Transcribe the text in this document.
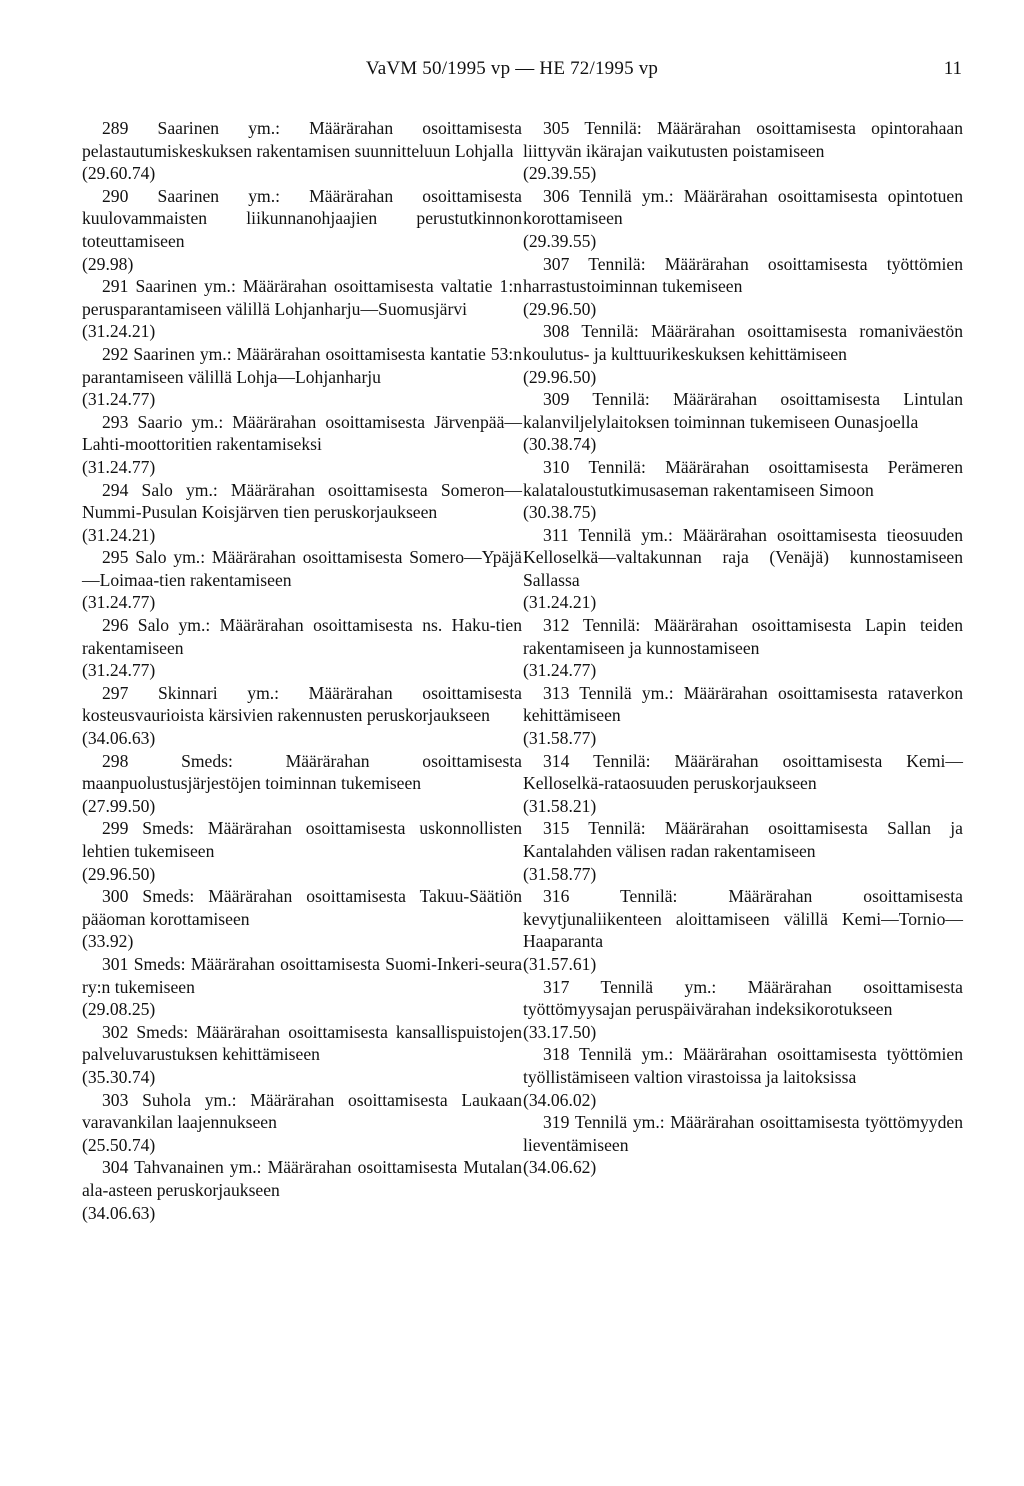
VaVM 50/1995 vp — HE 72/1995 vp	11

289 Saarinen ym.: Määrärahan osoittamisesta pelastautumiskeskuksen rakentamisen suunnitteluun Lohjalla

(29.60.74)

290 Saarinen ym.: Määrärahan osoittamisesta kuulovammaisten liikunnanohjaajien perustutkinnon toteuttamiseen

(29.98)

291 Saarinen ym.: Määrärahan osoittamisesta valtatie 1:n perusparantamiseen välillä Lohjanharju—Suomusjärvi

(31.24.21)

292 Saarinen ym.: Määrärahan osoittamisesta kantatie 53:n parantamiseen välillä Lohja—Lohjanharju

(31.24.77)

293 Saario ym.: Määrärahan osoittamisesta Järvenpää—Lahti-moottoritien rakentamiseksi

(31.24.77)

294 Salo ym.: Määrärahan osoittamisesta Someron—Nummi-Pusulan Koisjärven tien peruskorjaukseen

(31.24.21)

295 Salo ym.: Määrärahan osoittamisesta Somero—Ypäjä—Loimaa-tien rakentamiseen

(31.24.77)

296 Salo ym.: Määrärahan osoittamisesta ns. Haku-tien rakentamiseen

(31.24.77)

297 Skinnari ym.: Määrärahan osoittamisesta kosteusvaurioista kärsivien rakennusten peruskorjaukseen

(34.06.63)

298 Smeds: Määrärahan osoittamisesta maanpuolustusjärjestöjen toiminnan tukemiseen

(27.99.50)

299 Smeds: Määrärahan osoittamisesta uskonnollisten lehtien tukemiseen

(29.96.50)

300 Smeds: Määrärahan osoittamisesta Takuu-Säätiön pääoman korottamiseen

(33.92)

301 Smeds: Määrärahan osoittamisesta Suomi-Inkeri-seura ry:n tukemiseen

(29.08.25)

302 Smeds: Määrärahan osoittamisesta kansallispuistojen palveluvarustuksen kehittämiseen

(35.30.74)

303 Suhola ym.: Määrärahan osoittamisesta Laukaan varavankilan laajennukseen

(25.50.74)

304 Tahvanainen ym.: Määrärahan osoittamisesta Mutalan ala-asteen peruskorjaukseen

(34.06.63)

305 Tennilä: Määrärahan osoittamisesta opintorahaan liittyvän ikärajan vaikutusten poistamiseen

(29.39.55)

306 Tennilä ym.: Määrärahan osoittamisesta opintotuen korottamiseen

(29.39.55)

307 Tennilä: Määrärahan osoittamisesta työttömien harrastustoiminnan tukemiseen

(29.96.50)

308 Tennilä: Määrärahan osoittamisesta romaniväestön koulutus- ja kulttuurikeskuksen kehittämiseen

(29.96.50)

309 Tennilä: Määrärahan osoittamisesta Lintulan kalanviljelylaitoksen toiminnan tukemiseen Ounasjoella

(30.38.74)

310 Tennilä: Määrärahan osoittamisesta Perämeren kalataloustutkimusaseman rakentamiseen Simoon

(30.38.75)

311 Tennilä ym.: Määrärahan osoittamisesta tieosuuden Kelloselkä—valtakunnan raja (Venäjä) kunnostamiseen Sallassa

(31.24.21)

312 Tennilä: Määrärahan osoittamisesta Lapin teiden rakentamiseen ja kunnostamiseen

(31.24.77)

313 Tennilä ym.: Määrärahan osoittamisesta rataverkon kehittämiseen

(31.58.77)

314 Tennilä: Määrärahan osoittamisesta Kemi—Kelloselkä-rataosuuden peruskorjaukseen

(31.58.21)

315 Tennilä: Määrärahan osoittamisesta Sallan ja Kantalahden välisen radan rakentamiseen

(31.58.77)

316 Tennilä: Määrärahan osoittamisesta kevytjunaliikenteen aloittamiseen välillä Kemi—Tornio—Haaparanta

(31.57.61)

317 Tennilä ym.: Määrärahan osoittamisesta työttömyysajan peruspäivärahan indeksikorotukseen

(33.17.50)

318 Tennilä ym.: Määrärahan osoittamisesta työttömien työllistämiseen valtion virastoissa ja laitoksissa

(34.06.02)

319 Tennilä ym.: Määrärahan osoittamisesta työttömyyden lieventämiseen

(34.06.62)
